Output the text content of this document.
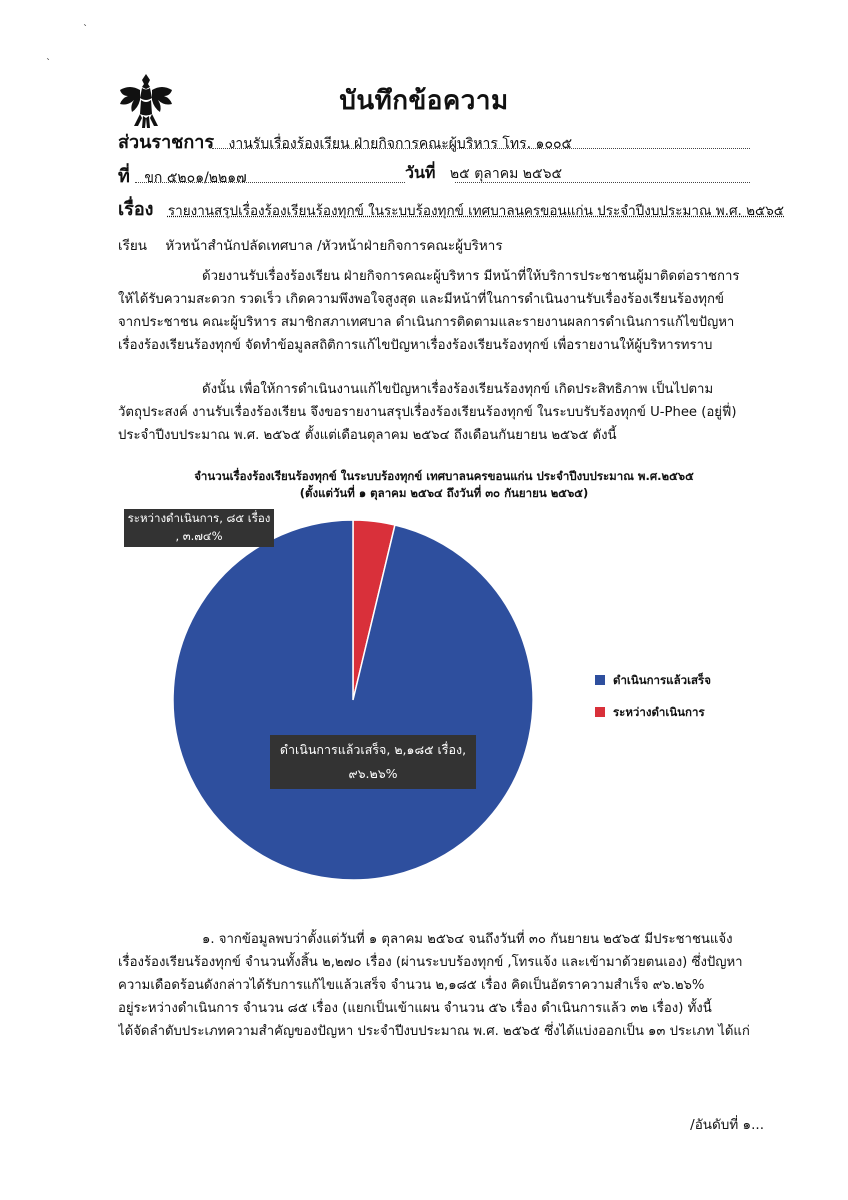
`
`
บันทึกข้อความ
ส่วนราชการ งานรับเรื่องร้องเรียน ฝ่ายกิจการคณะผู้บริหาร โทร. ๑๐๐๕
ที่ ขก ๕๒๐๑/๒๒๑๗	วันที่ ๒๕ ตุลาคม ๒๕๖๕
เรื่อง รายงานสรุปเรื่องร้องเรียนร้องทุกข์ ในระบบร้องทุกข์ เทศบาลนครขอนแก่น ประจำปีงบประมาณ พ.ศ. ๒๕๖๕
เรียน หัวหน้าสำนักปลัดเทศบาล /หัวหน้าฝ่ายกิจการคณะผู้บริหาร
ด้วยงานรับเรื่องร้องเรียน ฝ่ายกิจการคณะผู้บริหาร มีหน้าที่ให้บริการประชาชนผู้มาติดต่อราชการ
ให้ได้รับความสะดวก รวดเร็ว เกิดความพึงพอใจสูงสุด และมีหน้าที่ในการดำเนินงานรับเรื่องร้องเรียนร้องทุกข์
จากประชาชน คณะผู้บริหาร สมาชิกสภาเทศบาล ดำเนินการติดตามและรายงานผลการดำเนินการแก้ไขปัญหา
เรื่องร้องเรียนร้องทุกข์ จัดทำข้อมูลสถิติการแก้ไขปัญหาเรื่องร้องเรียนร้องทุกข์ เพื่อรายงานให้ผู้บริหารทราบ
ดังนั้น เพื่อให้การดำเนินงานแก้ไขปัญหาเรื่องร้องเรียนร้องทุกข์ เกิดประสิทธิภาพ เป็นไปตาม
วัตถุประสงค์ งานรับเรื่องร้องเรียน จึงขอรายงานสรุปเรื่องร้องเรียนร้องทุกข์ ในระบบรับร้องทุกข์ U-Phee (อยู่ฟี่)
ประจำปีงบประมาณ พ.ศ. ๒๕๖๕ ตั้งแต่เดือนตุลาคม ๒๕๖๔ ถึงเดือนกันยายน ๒๕๖๕ ดังนี้
จำนวนเรื่องร้องเรียนร้องทุกข์ ในระบบร้องทุกข์ เทศบาลนครขอนแก่น ประจำปีงบประมาณ พ.ศ.๒๕๖๕
(ตั้งแต่วันที่ ๑ ตุลาคม ๒๕๖๔ ถึงวันที่ ๓๐ กันยายน ๒๕๖๕)
ระหว่างดำเนินการ, ๘๕ เรื่อง
, ๓.๗๔%
ดำเนินการแล้วเสร็จ, ๒,๑๘๕ เรื่อง,
๙๖.๒๖%
ดำเนินการแล้วเสร็จ
ระหว่างดำเนินการ
๑. จากข้อมูลพบว่าตั้งแต่วันที่ ๑ ตุลาคม ๒๕๖๔ จนถึงวันที่ ๓๐ กันยายน ๒๕๖๕ มีประชาชนแจ้ง
เรื่องร้องเรียนร้องทุกข์ จำนวนทั้งสิ้น ๒,๒๗๐ เรื่อง (ผ่านระบบร้องทุกข์ ,โทรแจ้ง และเข้ามาด้วยตนเอง) ซึ่งปัญหา
ความเดือดร้อนดังกล่าวได้รับการแก้ไขแล้วเสร็จ จำนวน ๒,๑๘๕ เรื่อง คิดเป็นอัตราความสำเร็จ ๙๖.๒๖%
อยู่ระหว่างดำเนินการ จำนวน ๘๕ เรื่อง (แยกเป็นเข้าแผน จำนวน ๕๖ เรื่อง ดำเนินการแล้ว ๓๒ เรื่อง) ทั้งนี้
ได้จัดลำดับประเภทความสำคัญของปัญหา ประจำปีงบประมาณ พ.ศ. ๒๕๖๕ ซึ่งได้แบ่งออกเป็น ๑๓ ประเภท ได้แก่
/อันดับที่ ๑...
